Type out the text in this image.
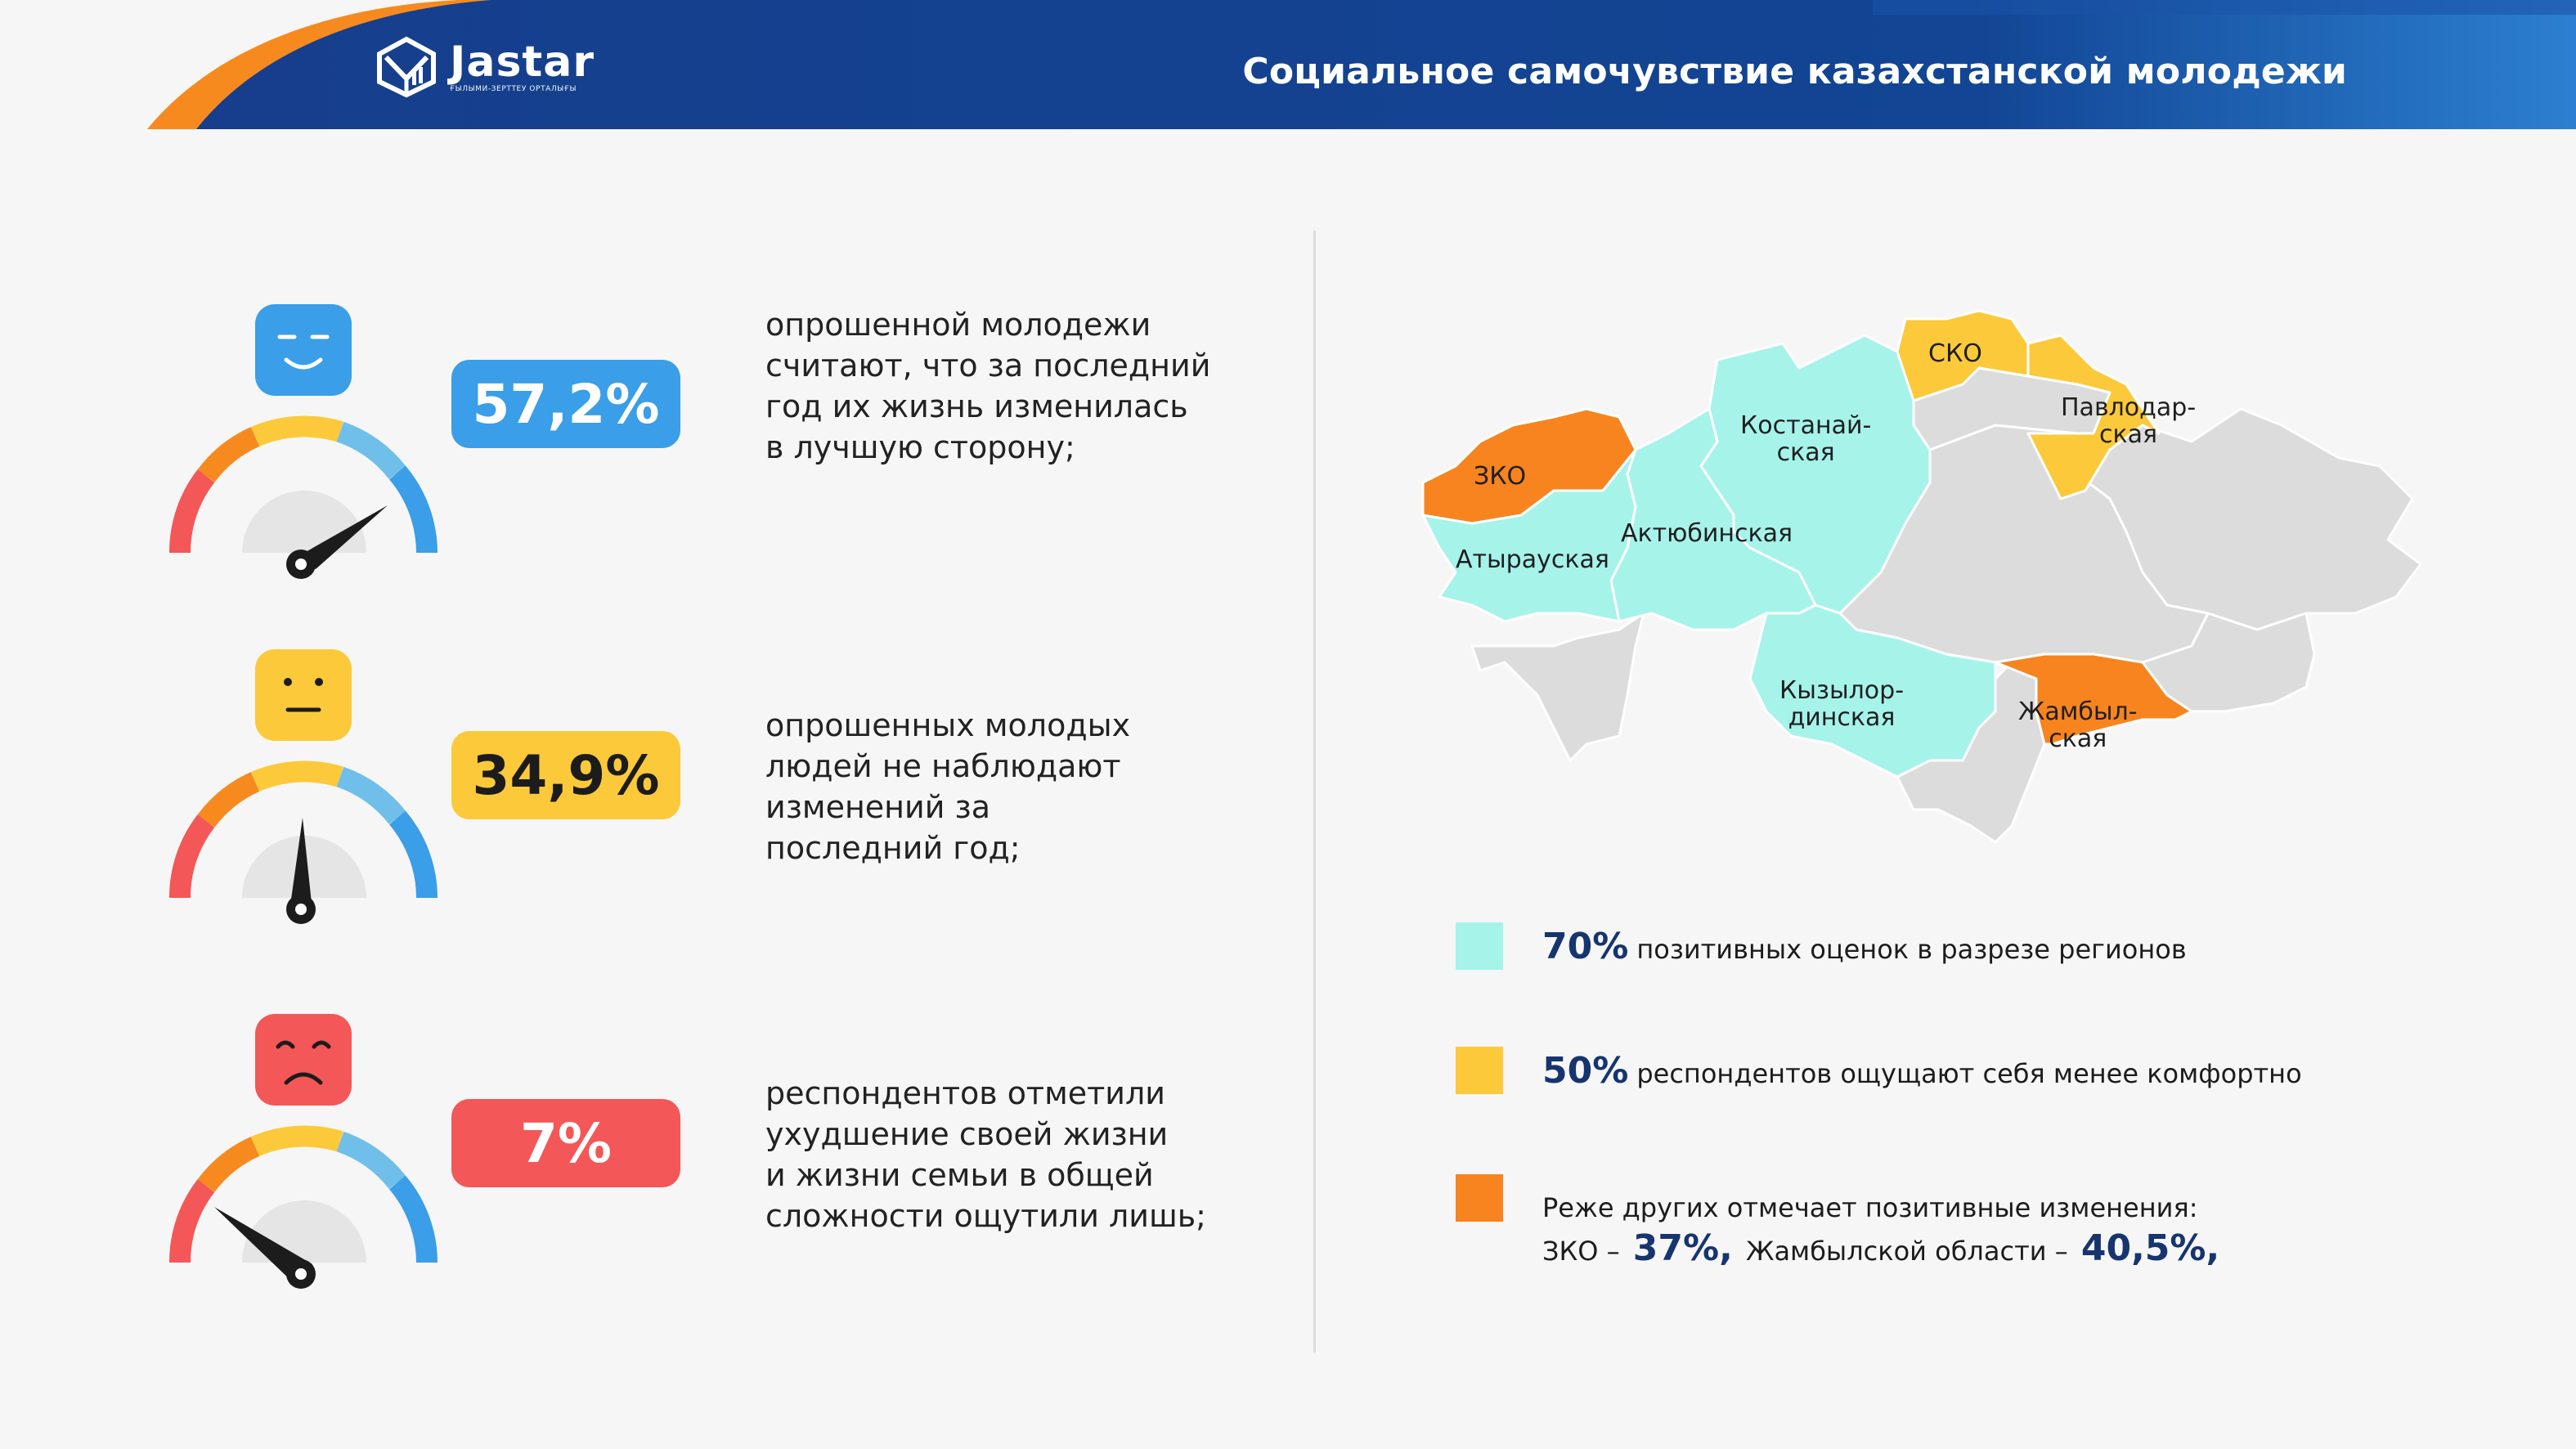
Jastar
ҒЫЛЫМИ-ЗЕРТТЕУ ОРТАЛЫҒЫ	Социальное самочувствие казахстанской молодежи
57,2%
опрошенной молодежи
считают, что за последний
год их жизнь изменилась
в лучшую сторону;
34,9%
опрошенных молодых
людей не наблюдают
изменений за
последний год;
7%
респондентов отметили
ухудшение своей жизни
и жизни семьи в общей
сложности ощутили лишь;
ЗКО
Атырауская
Актюбинская
Костанай-
ская
СКО
Павлодар-
ская
Кызылор-
динская	Жамбыл-
ская
70% позитивных оценок в разрезе регионов
50% респондентов ощущают себя менее комфортно
Реже других отмечает позитивные изменения:
ЗКО – 37%, Жамбылской области – 40,5%,
